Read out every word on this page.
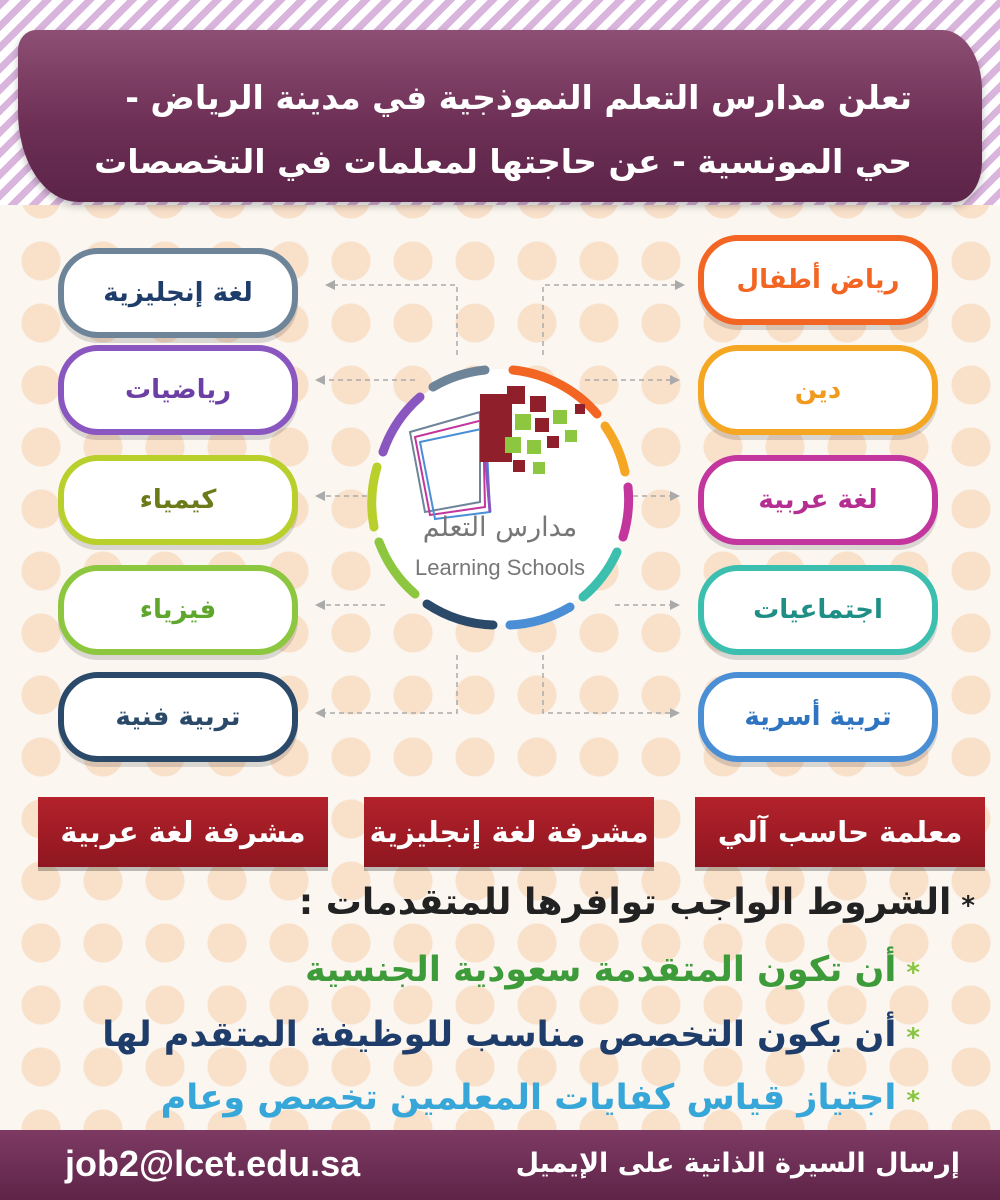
تعلن مدارس التعلم النموذجية في مدينة الرياض -
حي المونسية - عن حاجتها لمعلمات في التخصصات
لغة إنجليزية
رياضيات
كيمياء
فيزياء
تربية فنية
رياض أطفال
دين
لغة عربية
اجتماعيات
تربية أسرية
مدارس التعلم
Learning Schools
معلمة حاسب آلي
مشرفة لغة إنجليزية
مشرفة لغة عربية
*الشروط الواجب توافرها للمتقدمات :
*أن تكون المتقدمة سعودية الجنسية
*أن يكون التخصص مناسب للوظيفة المتقدم لها
*اجتياز قياس كفايات المعلمين تخصص وعام
إرسال السيرة الذاتية على الإيميل
job2@lcet.edu.sa
